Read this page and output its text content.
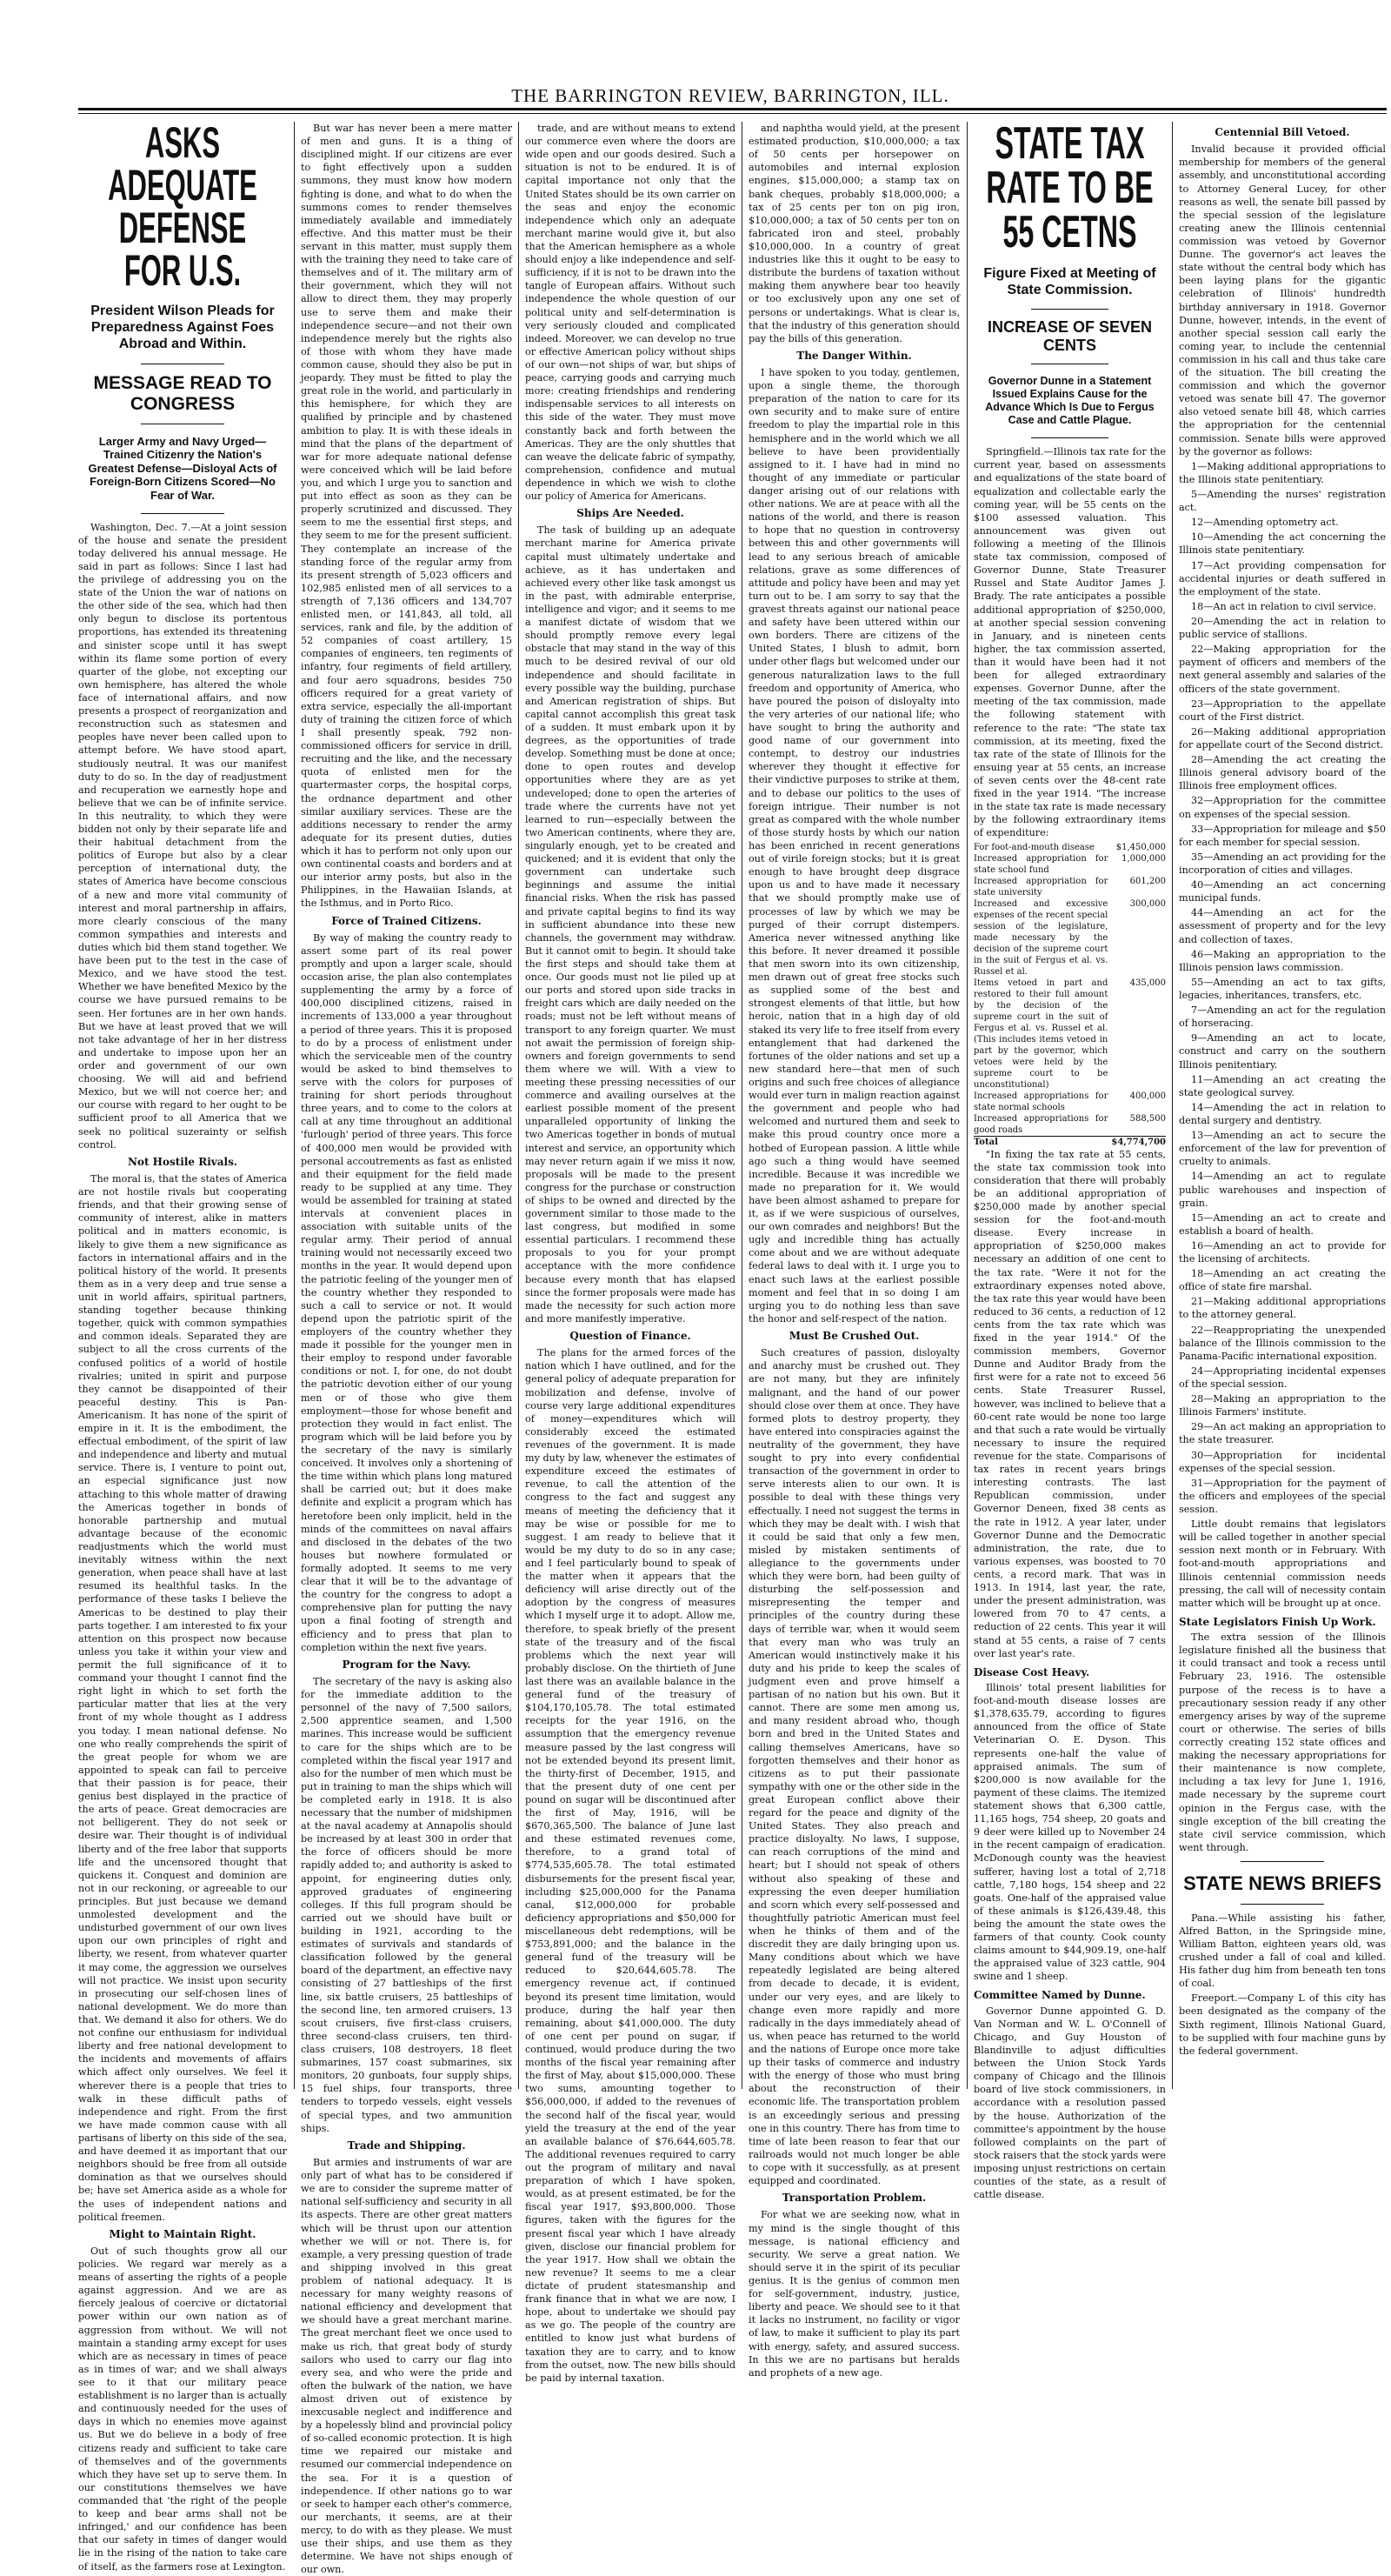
THE BARRINGTON REVIEW, BARRINGTON, ILL.
ASKS ADEQUATE DEFENSE FOR U.S.
President Wilson Pleads for Preparedness Against Foes Abroad and Within.
MESSAGE READ TO CONGRESS
Larger Army and Navy Urged—Trained Citizenry the Nation's Greatest Defense—Disloyal Acts of Foreign-Born Citizens Scored—No Fear of War.

Washington, Dec. 7.—At a joint session of the house and senate the president today delivered his annual message. He said in part as follows: Since I last had the privilege of addressing you on the state of the Union the war of nations on the other side of the sea, which had then only begun to disclose its portentous proportions, has extended its threatening and sinister scope until it has swept within its flame some portion of every quarter of the globe, not excepting our own hemisphere, has altered the whole face of international affairs, and now presents a prospect of reorganization and reconstruction such as statesmen and peoples have never been called upon to attempt before. We have stood apart, studiously neutral. It was our manifest duty to do so. In the day of readjustment and recuperation we earnestly hope and believe that we can be of infinite service. In this neutrality, to which they were bidden not only by their separate life and their habitual detachment from the politics of Europe but also by a clear perception of international duty, the states of America have become conscious of a new and more vital community of interest and moral partnership in affairs, more clearly conscious of the many common sympathies and interests and duties which bid them stand together. We have been put to the test in the case of Mexico, and we have stood the test. Whether we have benefited Mexico by the course we have pursued remains to be seen. Her fortunes are in her own hands. But we have at least proved that we will not take advantage of her in her distress and undertake to impose upon her an order and government of our own choosing. We will aid and befriend Mexico, but we will not coerce her; and our course with regard to her ought to be sufficient proof to all America that we seek no political suzerainty or selfish control.

Not Hostile Rivals.

The moral is, that the states of America are not hostile rivals but cooperating friends, and that their growing sense of community of interest, alike in matters political and in matters economic, is likely to give them a new significance as factors in international affairs and in the political history of the world. It presents them as in a very deep and true sense a unit in world affairs, spiritual partners, standing together because thinking together, quick with common sympathies and common ideals. Separated they are subject to all the cross currents of the confused politics of a world of hostile rivalries; united in spirit and purpose they cannot be disappointed of their peaceful destiny. This is Pan-Americanism. It has none of the spirit of empire in it. It is the embodiment, the effectual embodiment, of the spirit of law and independence and liberty and mutual service. There is, I venture to point out, an especial significance just now attaching to this whole matter of drawing the Americas together in bonds of honorable partnership and mutual advantage because of the economic readjustments which the world must inevitably witness within the next generation, when peace shall have at last resumed its healthful tasks. In the performance of these tasks I believe the Americas to be destined to play their parts together. I am interested to fix your attention on this prospect now because unless you take it within your view and permit the full significance of it to command your thought I cannot find the right light in which to set forth the particular matter that lies at the very front of my whole thought as I address you today. I mean national defense. No one who really comprehends the spirit of the great people for whom we are appointed to speak can fail to perceive that their passion is for peace, their genius best displayed in the practice of the arts of peace. Great democracies are not belligerent. They do not seek or desire war. Their thought is of individual liberty and of the free labor that supports life and the uncensored thought that quickens it. Conquest and dominion are not in our reckoning, or agreeable to our principles. But just because we demand unmolested development and the undisturbed government of our own lives upon our own principles of right and liberty, we resent, from whatever quarter it may come, the aggression we ourselves will not practice. We insist upon security in prosecuting our self-chosen lines of national development. We do more than that. We demand it also for others. We do not confine our enthusiasm for individual liberty and free national development to the incidents and movements of affairs which affect only ourselves. We feel it wherever there is a people that tries to walk in these difficult paths of independence and right. From the first we have made common cause with all partisans of liberty on this side of the sea, and have deemed it as important that our neighbors should be free from all outside domination as that we ourselves should be; have set America aside as a whole for the uses of independent nations and political freemen.

Might to Maintain Right.

Out of such thoughts grow all our policies. We regard war merely as a means of asserting the rights of a people against aggression. And we are as fiercely jealous of coercive or dictatorial power within our own nation as of aggression from without. We will not maintain a standing army except for uses which are as necessary in times of peace as in times of war; and we shall always see to it that our military peace establishment is no larger than is actually and continuously needed for the uses of days in which no enemies move against us. But we do believe in a body of free citizens ready and sufficient to take care of themselves and of the governments which they have set up to serve them. In our constitutions themselves we have commanded that 'the right of the people to keep and bear arms shall not be infringed,' and our confidence has been that our safety in times of danger would lie in the rising of the nation to take care of itself, as the farmers rose at Lexington.

But war has never been a mere matter of men and guns. It is a thing of disciplined might. If our citizens are ever to fight effectively upon a sudden summons, they must know how modern fighting is done, and what to do when the summons comes to render themselves immediately available and immediately effective. And this matter must be their servant in this matter, must supply them with the training they need to take care of themselves and of it. The military arm of their government, which they will not allow to direct them, they may properly use to serve them and make their independence secure—and not their own independence merely but the rights also of those with whom they have made common cause, should they also be put in jeopardy. They must be fitted to play the great role in the world, and particularly in this hemisphere, for which they are qualified by principle and by chastened ambition to play. It is with these ideals in mind that the plans of the department of war for more adequate national defense were conceived which will be laid before you, and which I urge you to sanction and put into effect as soon as they can be properly scrutinized and discussed. They seem to me the essential first steps, and they seem to me for the present sufficient. They contemplate an increase of the standing force of the regular army from its present strength of 5,023 officers and 102,985 enlisted men of all services to a strength of 7,136 officers and 134,707 enlisted men, or 141,843, all told, all services, rank and file, by the addition of 52 companies of coast artillery, 15 companies of engineers, ten regiments of infantry, four regiments of field artillery, and four aero squadrons, besides 750 officers required for a great variety of extra service, especially the all-important duty of training the citizen force of which I shall presently speak, 792 non-commissioned officers for service in drill, recruiting and the like, and the necessary quota of enlisted men for the quartermaster corps, the hospital corps, the ordnance department and other similar auxiliary services. These are the additions necessary to render the army adequate for its present duties, duties which it has to perform not only upon our own continental coasts and borders and at our interior army posts, but also in the Philippines, in the Hawaiian Islands, at the Isthmus, and in Porto Rico.

Force of Trained Citizens.

By way of making the country ready to assert some part of its real power promptly and upon a larger scale, should occasion arise, the plan also contemplates supplementing the army by a force of 400,000 disciplined citizens, raised in increments of 133,000 a year throughout a period of three years. This it is proposed to do by a process of enlistment under which the serviceable men of the country would be asked to bind themselves to serve with the colors for purposes of training for short periods throughout three years, and to come to the colors at call at any time throughout an additional 'furlough' period of three years. This force of 400,000 men would be provided with personal accoutrements as fast as enlisted and their equipment for the field made ready to be supplied at any time. They would be assembled for training at stated intervals at convenient places in association with suitable units of the regular army. Their period of annual training would not necessarily exceed two months in the year. It would depend upon the patriotic feeling of the younger men of the country whether they responded to such a call to service or not. It would depend upon the patriotic spirit of the employers of the country whether they made it possible for the younger men in their employ to respond under favorable conditions or not. I, for one, do not doubt the patriotic devotion either of our young men or of those who give them employment—those for whose benefit and protection they would in fact enlist. The program which will be laid before you by the secretary of the navy is similarly conceived. It involves only a shortening of the time within which plans long matured shall be carried out; but it does make definite and explicit a program which has heretofore been only implicit, held in the minds of the committees on naval affairs and disclosed in the debates of the two houses but nowhere formulated or formally adopted. It seems to me very clear that it will be to the advantage of the country for the congress to adopt a comprehensive plan for putting the navy upon a final footing of strength and efficiency and to press that plan to completion within the next five years.

Program for the Navy.

The secretary of the navy is asking also for the immediate addition to the personnel of the navy of 7,500 sailors, 2,500 apprentice seamen, and 1,500 marines. This increase would be sufficient to care for the ships which are to be completed within the fiscal year 1917 and also for the number of men which must be put in training to man the ships which will be completed early in 1918. It is also necessary that the number of midshipmen at the naval academy at Annapolis should be increased by at least 300 in order that the force of officers should be more rapidly added to; and authority is asked to appoint, for engineering duties only, approved graduates of engineering colleges. If this full program should be carried out we should have built or building in 1921, according to the estimates of survivals and standards of classification followed by the general board of the department, an effective navy consisting of 27 battleships of the first line, six battle cruisers, 25 battleships of the second line, ten armored cruisers, 13 scout cruisers, five first-class cruisers, three second-class cruisers, ten third-class cruisers, 108 destroyers, 18 fleet submarines, 157 coast submarines, six monitors, 20 gunboats, four supply ships, 15 fuel ships, four transports, three tenders to torpedo vessels, eight vessels of special types, and two ammunition ships.

Trade and Shipping.

But armies and instruments of war are only part of what has to be considered if we are to consider the supreme matter of national self-sufficiency and security in all its aspects. There are other great matters which will be thrust upon our attention whether we will or not. There is, for example, a very pressing question of trade and shipping involved in this great problem of national adequacy. It is necessary for many weighty reasons of national efficiency and development that we should have a great merchant marine. The great merchant fleet we once used to make us rich, that great body of sturdy sailors who used to carry our flag into every sea, and who were the pride and often the bulwark of the nation, we have almost driven out of existence by inexcusable neglect and indifference and by a hopelessly blind and provincial policy of so-called economic protection. It is high time we repaired our mistake and resumed our commercial independence on the sea. For it is a question of independence. If other nations go to war or seek to hamper each other's commerce, our merchants, it seems, are at their mercy, to do with as they please. We must use their ships, and use them as they determine. We have not ships enough of our own.

trade, and are without means to extend our commerce even where the doors are wide open and our goods desired. Such a situation is not to be endured. It is of capital importance not only that the United States should be its own carrier on the seas and enjoy the economic independence which only an adequate merchant marine would give it, but also that the American hemisphere as a whole should enjoy a like independence and self-sufficiency, if it is not to be drawn into the tangle of European affairs. Without such independence the whole question of our political unity and self-determination is very seriously clouded and complicated indeed. Moreover, we can develop no true or effective American policy without ships of our own—not ships of war, but ships of peace, carrying goods and carrying much more: creating friendships and rendering indispensable services to all interests on this side of the water. They must move constantly back and forth between the Americas. They are the only shuttles that can weave the delicate fabric of sympathy, comprehension, confidence and mutual dependence in which we wish to clothe our policy of America for Americans.

Ships Are Needed.

The task of building up an adequate merchant marine for America private capital must ultimately undertake and achieve, as it has undertaken and achieved every other like task amongst us in the past, with admirable enterprise, intelligence and vigor; and it seems to me a manifest dictate of wisdom that we should promptly remove every legal obstacle that may stand in the way of this much to be desired revival of our old independence and should facilitate in every possible way the building, purchase and American registration of ships. But capital cannot accomplish this great task of a sudden. It must embark upon it by degrees, as the opportunities of trade develop. Something must be done at once; done to open routes and develop opportunities where they are as yet undeveloped; done to open the arteries of trade where the currents have not yet learned to run—especially between the two American continents, where they are, singularly enough, yet to be created and quickened; and it is evident that only the government can undertake such beginnings and assume the initial financial risks. When the risk has passed and private capital begins to find its way in sufficient abundance into these new channels, the government may withdraw. But it cannot omit to begin. It should take the first steps and should take them at once. Our goods must not lie piled up at our ports and stored upon side tracks in freight cars which are daily needed on the roads; must not be left without means of transport to any foreign quarter. We must not await the permission of foreign ship-owners and foreign governments to send them where we will. With a view to meeting these pressing necessities of our commerce and availing ourselves at the earliest possible moment of the present unparalleled opportunity of linking the two Americas together in bonds of mutual interest and service, an opportunity which may never return again if we miss it now, proposals will be made to the present congress for the purchase or construction of ships to be owned and directed by the government similar to those made to the last congress, but modified in some essential particulars. I recommend these proposals to you for your prompt acceptance with the more confidence because every month that has elapsed since the former proposals were made has made the necessity for such action more and more manifestly imperative.

Question of Finance.

The plans for the armed forces of the nation which I have outlined, and for the general policy of adequate preparation for mobilization and defense, involve of course very large additional expenditures of money—expenditures which will considerably exceed the estimated revenues of the government. It is made my duty by law, whenever the estimates of expenditure exceed the estimates of revenue, to call the attention of the congress to the fact and suggest any means of meeting the deficiency that it may be wise or possible for me to suggest. I am ready to believe that it would be my duty to do so in any case; and I feel particularly bound to speak of the matter when it appears that the deficiency will arise directly out of the adoption by the congress of measures which I myself urge it to adopt. Allow me, therefore, to speak briefly of the present state of the treasury and of the fiscal problems which the next year will probably disclose. On the thirtieth of June last there was an available balance in the general fund of the treasury of $104,170,105.78. The total estimated receipts for the year 1916, on the assumption that the emergency revenue measure passed by the last congress will not be extended beyond its present limit, the thirty-first of December, 1915, and that the present duty of one cent per pound on sugar will be discontinued after the first of May, 1916, will be $670,365,500. The balance of June last and these estimated revenues come, therefore, to a grand total of $774,535,605.78. The total estimated disbursements for the present fiscal year, including $25,000,000 for the Panama canal, $12,000,000 for probable deficiency appropriations and $50,000 for miscellaneous debt redemptions, will be $753,891,000; and the balance in the general fund of the treasury will be reduced to $20,644,605.78. The emergency revenue act, if continued beyond its present time limitation, would produce, during the half year then remaining, about $41,000,000. The duty of one cent per pound on sugar, if continued, would produce during the two months of the fiscal year remaining after the first of May, about $15,000,000. These two sums, amounting together to $56,000,000, if added to the revenues of the second half of the fiscal year, would yield the treasury at the end of the year an available balance of $76,644,605.78. The additional revenues required to carry out the program of military and naval preparation of which I have spoken, would, as at present estimated, be for the fiscal year 1917, $93,800,000. Those figures, taken with the figures for the present fiscal year which I have already given, disclose our financial problem for the year 1917. How shall we obtain the new revenue? It seems to me a clear dictate of prudent statesmanship and frank finance that in what we are now, I hope, about to undertake we should pay as we go. The people of the country are entitled to know just what burdens of taxation they are to carry, and to know from the outset, now. The new bills should be paid by internal taxation.

and naphtha would yield, at the present estimated production, $10,000,000; a tax of 50 cents per horsepower on automobiles and internal explosion engines, $15,000,000; a stamp tax on bank cheques, probably $18,000,000; a tax of 25 cents per ton on pig iron, $10,000,000; a tax of 50 cents per ton on fabricated iron and steel, probably $10,000,000. In a country of great industries like this it ought to be easy to distribute the burdens of taxation without making them anywhere bear too heavily or too exclusively upon any one set of persons or undertakings. What is clear is, that the industry of this generation should pay the bills of this generation.

The Danger Within.

I have spoken to you today, gentlemen, upon a single theme, the thorough preparation of the nation to care for its own security and to make sure of entire freedom to play the impartial role in this hemisphere and in the world which we all believe to have been providentially assigned to it. I have had in mind no thought of any immediate or particular danger arising out of our relations with other nations. We are at peace with all the nations of the world, and there is reason to hope that no question in controversy between this and other governments will lead to any serious breach of amicable relations, grave as some differences of attitude and policy have been and may yet turn out to be. I am sorry to say that the gravest threats against our national peace and safety have been uttered within our own borders. There are citizens of the United States, I blush to admit, born under other flags but welcomed under our generous naturalization laws to the full freedom and opportunity of America, who have poured the poison of disloyalty into the very arteries of our national life; who have sought to bring the authority and good name of our government into contempt, to destroy our industries wherever they thought it effective for their vindictive purposes to strike at them, and to debase our politics to the uses of foreign intrigue. Their number is not great as compared with the whole number of those sturdy hosts by which our nation has been enriched in recent generations out of virile foreign stocks; but it is great enough to have brought deep disgrace upon us and to have made it necessary that we should promptly make use of processes of law by which we may be purged of their corrupt distempers. America never witnessed anything like this before. It never dreamed it possible that men sworn into its own citizenship, men drawn out of great free stocks such as supplied some of the best and strongest elements of that little, but how heroic, nation that in a high day of old staked its very life to free itself from every entanglement that had darkened the fortunes of the older nations and set up a new standard here—that men of such origins and such free choices of allegiance would ever turn in malign reaction against the government and people who had welcomed and nurtured them and seek to make this proud country once more a hotbed of European passion. A little while ago such a thing would have seemed incredible. Because it was incredible we made no preparation for it. We would have been almost ashamed to prepare for it, as if we were suspicious of ourselves, our own comrades and neighbors! But the ugly and incredible thing has actually come about and we are without adequate federal laws to deal with it. I urge you to enact such laws at the earliest possible moment and feel that in so doing I am urging you to do nothing less than save the honor and self-respect of the nation.

Must Be Crushed Out.

Such creatures of passion, disloyalty and anarchy must be crushed out. They are not many, but they are infinitely malignant, and the hand of our power should close over them at once. They have formed plots to destroy property, they have entered into conspiracies against the neutrality of the government, they have sought to pry into every confidential transaction of the government in order to serve interests alien to our own. It is possible to deal with these things very effectually. I need not suggest the terms in which they may be dealt with. I wish that it could be said that only a few men, misled by mistaken sentiments of allegiance to the governments under which they were born, had been guilty of disturbing the self-possession and misrepresenting the temper and principles of the country during these days of terrible war, when it would seem that every man who was truly an American would instinctively make it his duty and his pride to keep the scales of judgment even and prove himself a partisan of no nation but his own. But it cannot. There are some men among us, and many resident abroad who, though born and bred in the United States and calling themselves Americans, have so forgotten themselves and their honor as citizens as to put their passionate sympathy with one or the other side in the great European conflict above their regard for the peace and dignity of the United States. They also preach and practice disloyalty. No laws, I suppose, can reach corruptions of the mind and heart; but I should not speak of others without also speaking of these and expressing the even deeper humiliation and scorn which every self-possessed and thoughtfully patriotic American must feel when he thinks of them and of the discredit they are daily bringing upon us. Many conditions about which we have repeatedly legislated are being altered from decade to decade, it is evident, under our very eyes, and are likely to change even more rapidly and more radically in the days immediately ahead of us, when peace has returned to the world and the nations of Europe once more take up their tasks of commerce and industry with the energy of those who must bring about the reconstruction of their economic life. The transportation problem is an exceedingly serious and pressing one in this country. There has from time to time of late been reason to fear that our railroads would not much longer be able to cope with it successfully, as at present equipped and coordinated.

Transportation Problem.

For what we are seeking now, what in my mind is the single thought of this message, is national efficiency and security. We serve a great nation. We should serve it in the spirit of its peculiar genius. It is the genius of common men for self-government, industry, justice, liberty and peace. We should see to it that it lacks no instrument, no facility or vigor of law, to make it sufficient to play its part with energy, safety, and assured success. In this we are no partisans but heralds and prophets of a new age.

STATE TAX RATE TO BE 55 CETNS
Figure Fixed at Meeting of State Commission.
INCREASE OF SEVEN CENTS
Governor Dunne in a Statement Issued Explains Cause for the Advance Which Is Due to Fergus Case and Cattle Plague.

Springfield.—Illinois tax rate for the current year, based on assessments and equalizations of the state board of equalization and collectable early the coming year, will be 55 cents on the $100 assessed valuation. This announcement was given out following a meeting of the Illinois state tax commission, composed of Governor Dunne, State Treasurer Russel and State Auditor James J. Brady. The rate anticipates a possible additional appropriation of $250,000, at another special session convening in January, and is nineteen cents higher, the tax commission asserted, than it would have been had it not been for alleged extraordinary expenses. Governor Dunne, after the meeting of the tax commission, made the following statement with reference to the rate: "The state tax commission, at its meeting, fixed the tax rate of the state of Illinois for the ensuing year at 55 cents, an increase of seven cents over the 48-cent rate fixed in the year 1914. "The increase in the state tax rate is made necessary by the following extraordinary items of expenditure:

For foot-and-mouth disease	$1,450,000
Increased appropriation for state school fund	1,000,000
Increased appropriation for state university	601,200
Increased and excessive expenses of the recent special session of the legislature, made necessary by the decision of the supreme court in the suit of Fergus et al. vs. Russel et al.	300,000
Items vetoed in part and restored to their full amount by the decision of the supreme court in the suit of Fergus et al. vs. Russel et al. (This includes items vetoed in part by the governor, which vetoes were held by the supreme court to be unconstitutional)	435,000
Increased appropriations for state normal schools	400,000
Increased appropriations for good roads	588,500
Total	$4,774,700

"In fixing the tax rate at 55 cents, the state tax commission took into consideration that there will probably be an additional appropriation of $250,000 made by another special session for the foot-and-mouth disease. Every increase in appropriation of $250,000 makes necessary an addition of one cent to the tax rate. "Were it not for the extraordinary expenses noted above, the tax rate this year would have been reduced to 36 cents, a reduction of 12 cents from the tax rate which was fixed in the year 1914." Of the commission members, Governor Dunne and Auditor Brady from the first were for a rate not to exceed 56 cents. State Treasurer Russel, however, was inclined to believe that a 60-cent rate would be none too large and that such a rate would be virtually necessary to insure the required revenue for the state. Comparisons of tax rates in recent years brings interesting contrasts. The last Republican commission, under Governor Deneen, fixed 38 cents as the rate in 1912. A year later, under Governor Dunne and the Democratic administration, the rate, due to various expenses, was boosted to 70 cents, a record mark. That was in 1913. In 1914, last year, the rate, under the present administration, was lowered from 70 to 47 cents, a reduction of 22 cents. This year it will stand at 55 cents, a raise of 7 cents over last year's rate.

Disease Cost Heavy.

Illinois' total present liabilities for foot-and-mouth disease losses are $1,378,635.79, according to figures announced from the office of State Veterinarian O. E. Dyson. This represents one-half the value of appraised animals. The sum of $200,000 is now available for the payment of these claims. The itemized statement shows that 6,300 cattle, 11,165 hogs, 754 sheep, 20 goats and 9 deer were killed up to November 24 in the recent campaign of eradication. McDonough county was the heaviest sufferer, having lost a total of 2,718 cattle, 7,180 hogs, 154 sheep and 22 goats. One-half of the appraised value of these animals is $126,439.48, this being the amount the state owes the farmers of that county. Cook county claims amount to $44,909.19, one-half the appraised value of 323 cattle, 904 swine and 1 sheep.

Committee Named by Dunne.

Governor Dunne appointed G. D. Van Norman and W. L. O'Connell of Chicago, and Guy Houston of Blandinville to adjust difficulties between the Union Stock Yards company of Chicago and the Illinois board of live stock commissioners, in accordance with a resolution passed by the house. Authorization of the committee's appointment by the house followed complaints on the part of stock raisers that the stock yards were imposing unjust restrictions on certain counties of the state, as a result of cattle disease.

Centennial Bill Vetoed.

Invalid because it provided official membership for members of the general assembly, and unconstitutional according to Attorney General Lucey, for other reasons as well, the senate bill passed by the special session of the legislature creating anew the Illinois centennial commission was vetoed by Governor Dunne. The governor's act leaves the state without the central body which has been laying plans for the gigantic celebration of Illinois' hundredth birthday anniversary in 1918. Governor Dunne, however, intends, in the event of another special session call early the coming year, to include the centennial commission in his call and thus take care of the situation. The bill creating the commission and which the governor vetoed was senate bill 47. The governor also vetoed senate bill 48, which carries the appropriation for the centennial commission. Senate bills were approved by the governor as follows:

1—Making additional appropriations to the Illinois state penitentiary.

5—Amending the nurses' registration act.

12—Amending optometry act.

10—Amending the act concerning the Illinois state penitentiary.

17—Act providing compensation for accidental injuries or death suffered in the employment of the state.

18—An act in relation to civil service.

20—Amending the act in relation to public service of stallions.

22—Making appropriation for the payment of officers and members of the next general assembly and salaries of the officers of the state government.

23—Appropriation to the appellate court of the First district.

26—Making additional appropriation for appellate court of the Second district.

28—Amending the act creating the Illinois general advisory board of the Illinois free employment offices.

32—Appropriation for the committee on expenses of the special session.

33—Appropriation for mileage and $50 for each member for special session.

35—Amending an act providing for the incorporation of cities and villages.

40—Amending an act concerning municipal funds.

44—Amending an act for the assessment of property and for the levy and collection of taxes.

46—Making an appropriation to the Illinois pension laws commission.

55—Amending an act to tax gifts, legacies, inheritances, transfers, etc.

7—Amending an act for the regulation of horseracing.

9—Amending an act to locate, construct and carry on the southern Illinois penitentiary.

11—Amending an act creating the state geological survey.

14—Amending the act in relation to dental surgery and dentistry.

13—Amending an act to secure the enforcement of the law for prevention of cruelty to animals.

14—Amending an act to regulate public warehouses and inspection of grain.

15—Amending an act to create and establish a board of health.

16—Amending an act to provide for the licensing of architects.

18—Amending an act creating the office of state fire marshal.

21—Making additional appropriations to the attorney general.

22—Reappropriating the unexpended balance of the Illinois commission to the Panama-Pacific international exposition.

24—Appropriating incidental expenses of the special session.

28—Making an appropriation to the Illinois Farmers' institute.

29—An act making an appropriation to the state treasurer.

30—Appropriation for incidental expenses of the special session.

31—Appropriation for the payment of the officers and employees of the special session.

Little doubt remains that legislators will be called together in another special session next month or in February. With foot-and-mouth appropriations and Illinois centennial commission needs pressing, the call will of necessity contain matter which will be brought up at once.

State Legislators Finish Up Work.

The extra session of the Illinois legislature finished all the business that it could transact and took a recess until February 23, 1916. The ostensible purpose of the recess is to have a precautionary session ready if any other emergency arises by way of the supreme court or otherwise. The series of bills correctly creating 152 state offices and making the necessary appropriations for their maintenance is now complete, including a tax levy for June 1, 1916, made necessary by the supreme court opinion in the Fergus case, with the single exception of the bill creating the state civil service commission, which went through.

STATE NEWS BRIEFS

Pana.—While assisting his father, Alfred Batton, in the Springside mine, William Batton, eighteen years old, was crushed under a fall of coal and killed. His father dug him from beneath ten tons of coal.

Freeport.—Company L of this city has been designated as the company of the Sixth regiment, Illinois National Guard, to be supplied with four machine guns by the federal government.
